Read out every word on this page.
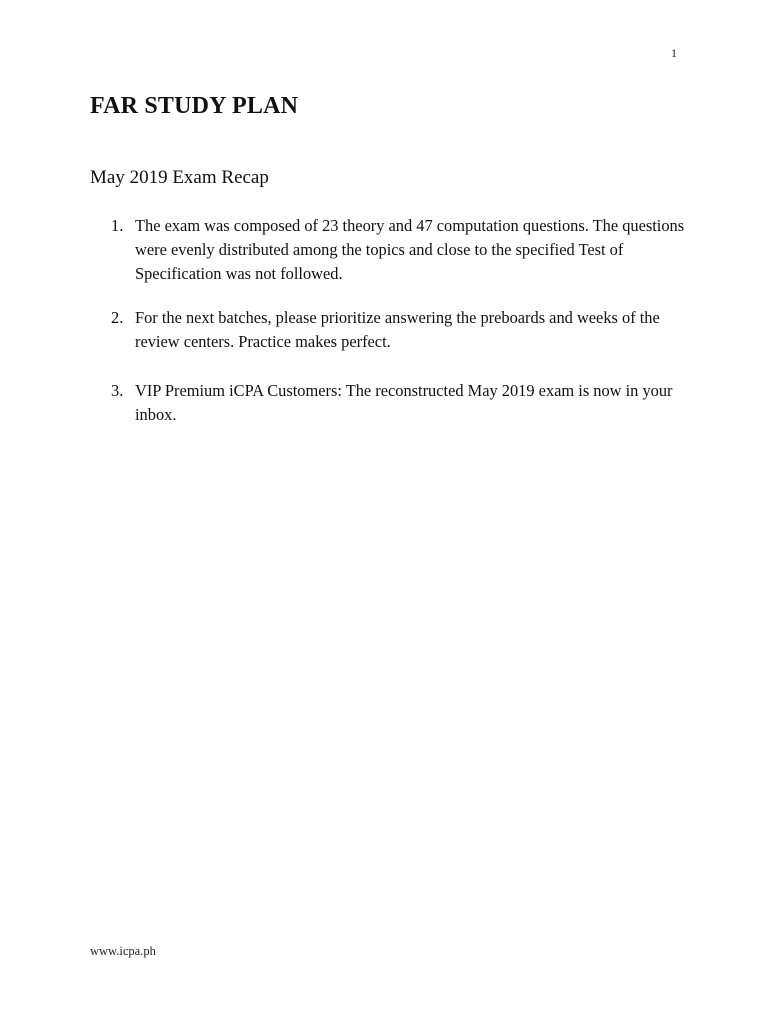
1
FAR STUDY PLAN
May 2019 Exam Recap
1. The exam was composed of 23 theory and 47 computation questions. The questions were evenly distributed among the topics and close to the specified Test of Specification was not followed.
2. For the next batches, please prioritize answering the preboards and weeks of the review centers. Practice makes perfect.
3. VIP Premium iCPA Customers: The reconstructed May 2019 exam is now in your inbox.
www.icpa.ph
